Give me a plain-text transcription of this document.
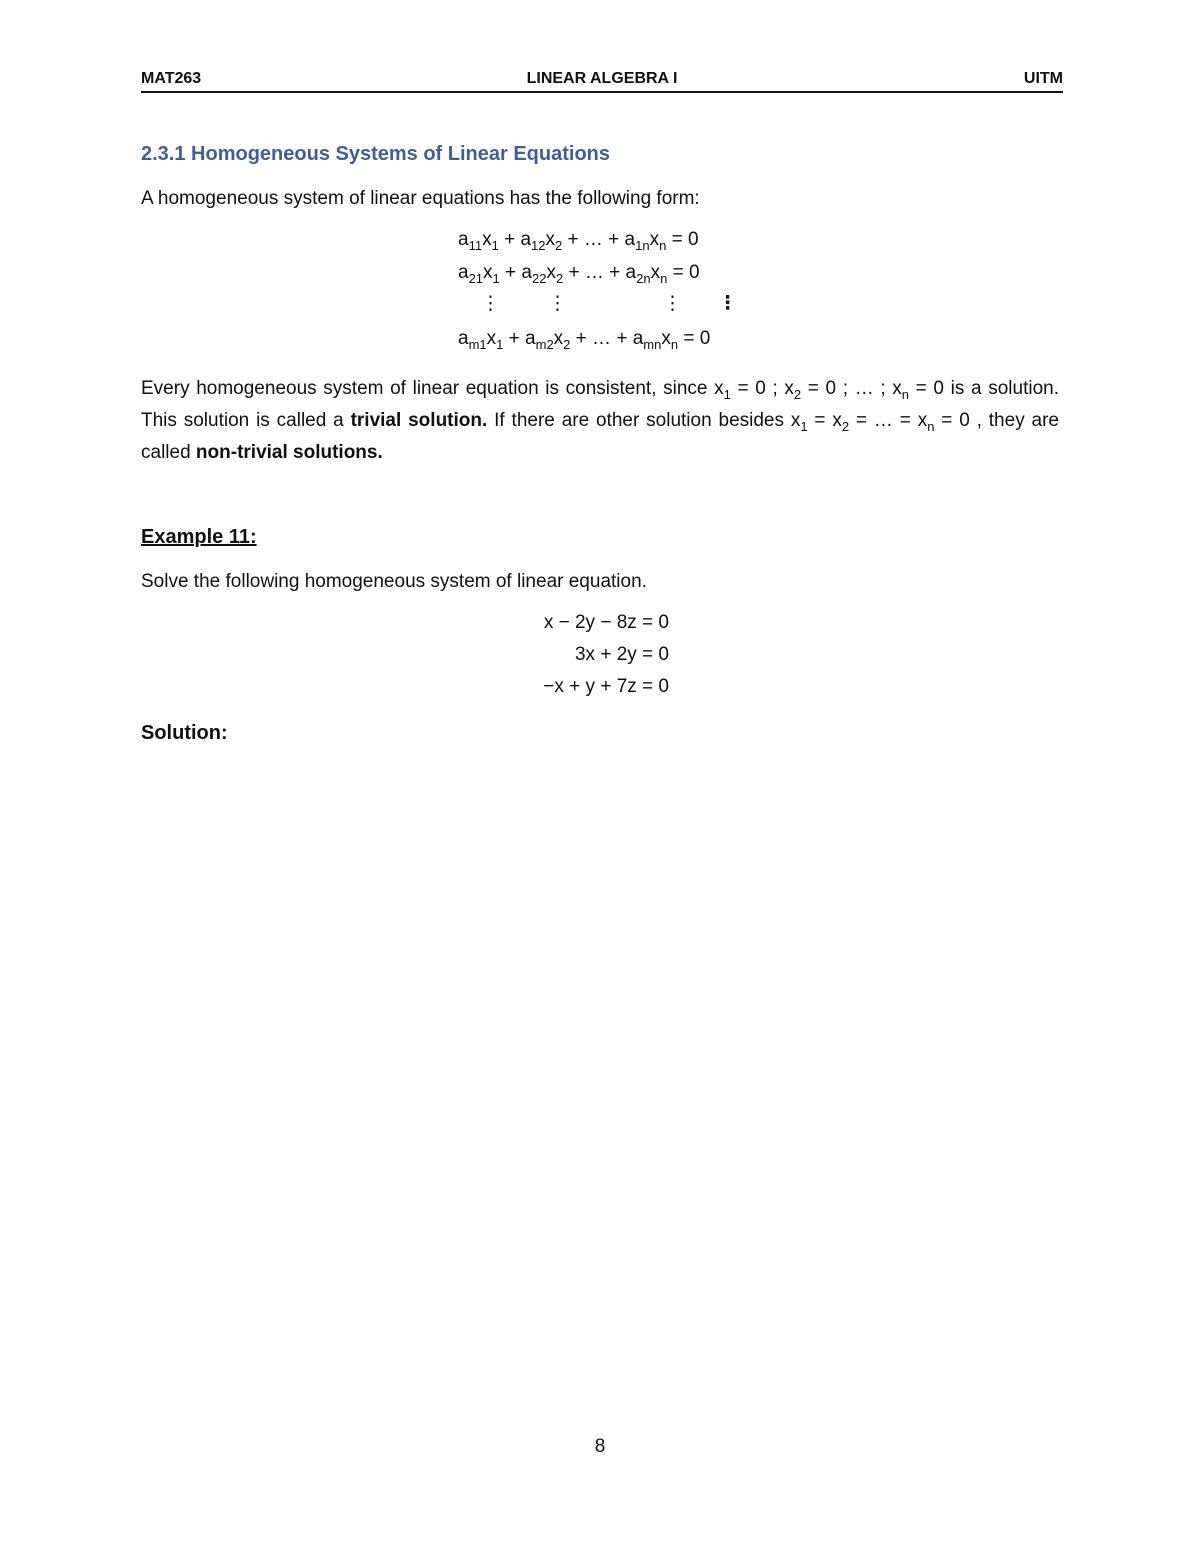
MAT263	LINEAR ALGEBRA I	UITM
2.3.1 Homogeneous Systems of Linear Equations
A homogeneous system of linear equations has the following form:
$a_{11}x_1 + a_{12}x_2$ + … + $a_{1n}x_n = 0$
$a_{21}x_1 + a_{22}x_2$ + … + $a_{2n}x_n = 0$
⋮	⋮	⋮ ⋮
$a_{m1}x_1 + a_{m2}x_2$ + … + $a_{mn}x_n = 0$
Every homogeneous system of linear equation is consistent, since $x_1 = 0$ ; $x_2 = 0$ ; … ; $x_n = 0$ is a solution. This solution is called a trivial solution. If there are other solution besides $x_1 = x_2$ = … = $x_n = 0$ , they are called non-trivial solutions.
Example 11:
Solve the following homogeneous system of linear equation.
x − 2y − 8z = 0
3x + 2y = 0
−x + y + 7z = 0
Solution:
8
